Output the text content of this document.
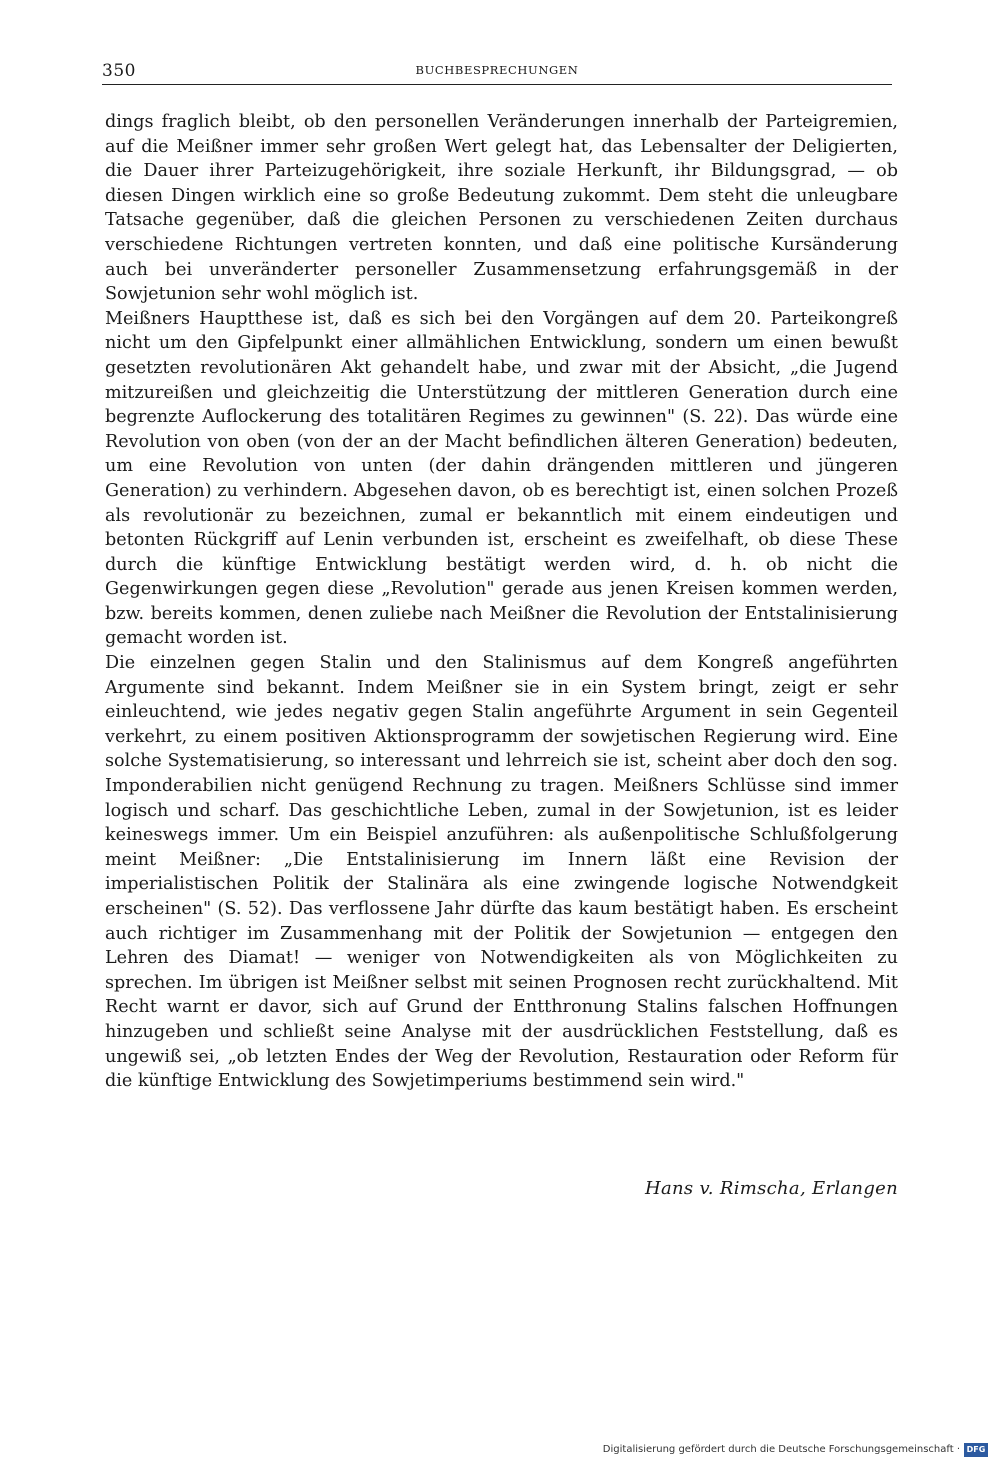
350	BUCHBESPRECHUNGEN

dings fraglich bleibt, ob den personellen Veränderungen innerhalb der Parteigremien, auf die Meißner immer sehr großen Wert gelegt hat, das Lebensalter der Deligierten, die Dauer ihrer Parteizugehörigkeit, ihre soziale Herkunft, ihr Bildungsgrad, — ob diesen Dingen wirklich eine so große Bedeutung zukommt. Dem steht die unleugbare Tatsache gegenüber, daß die gleichen Personen zu verschiedenen Zeiten durchaus verschiedene Richtungen vertreten konnten, und daß eine politische Kursänderung auch bei unveränderter personeller Zusammensetzung erfahrungsgemäß in der Sowjetunion sehr wohl möglich ist.

Meißners Hauptthese ist, daß es sich bei den Vorgängen auf dem 20. Parteikongreß nicht um den Gipfelpunkt einer allmählichen Entwicklung, sondern um einen bewußt gesetzten revolutionären Akt gehandelt habe, und zwar mit der Absicht, „die Jugend mitzureißen und gleichzeitig die Unterstützung der mittleren Generation durch eine begrenzte Auflockerung des totalitären Regimes zu gewinnen" (S. 22). Das würde eine Revolution von oben (von der an der Macht befindlichen älteren Generation) bedeuten, um eine Revolution von unten (der dahin drängenden mittleren und jüngeren Generation) zu verhindern. Abgesehen davon, ob es berechtigt ist, einen solchen Prozeß als revolutionär zu bezeichnen, zumal er bekanntlich mit einem eindeutigen und betonten Rückgriff auf Lenin verbunden ist, erscheint es zweifelhaft, ob diese These durch die künftige Entwicklung bestätigt werden wird, d. h. ob nicht die Gegenwirkungen gegen diese „Revolution" gerade aus jenen Kreisen kommen werden, bzw. bereits kommen, denen zuliebe nach Meißner die Revolution der Entstalinisierung gemacht worden ist.

Die einzelnen gegen Stalin und den Stalinismus auf dem Kongreß angeführten Argumente sind bekannt. Indem Meißner sie in ein System bringt, zeigt er sehr einleuchtend, wie jedes negativ gegen Stalin angeführte Argument in sein Gegenteil verkehrt, zu einem positiven Aktionsprogramm der sowjetischen Regierung wird. Eine solche Systematisierung, so interessant und lehrreich sie ist, scheint aber doch den sog. Imponderabilien nicht genügend Rechnung zu tragen. Meißners Schlüsse sind immer logisch und scharf. Das geschichtliche Leben, zumal in der Sowjetunion, ist es leider keineswegs immer. Um ein Beispiel anzuführen: als außenpolitische Schlußfolgerung meint Meißner: „Die Entstalinisierung im Innern läßt eine Revision der imperialistischen Politik der Stalinära als eine zwingende logische Notwendgkeit erscheinen" (S. 52). Das verflossene Jahr dürfte das kaum bestätigt haben. Es erscheint auch richtiger im Zusammenhang mit der Politik der Sowjetunion — entgegen den Lehren des Diamat! — weniger von Notwendigkeiten als von Möglichkeiten zu sprechen. Im übrigen ist Meißner selbst mit seinen Prognosen recht zurückhaltend. Mit Recht warnt er davor, sich auf Grund der Entthronung Stalins falschen Hoffnungen hinzugeben und schließt seine Analyse mit der ausdrücklichen Feststellung, daß es ungewiß sei, „ob letzten Endes der Weg der Revolution, Restauration oder Reform für die künftige Entwicklung des Sowjetimperiums bestimmend sein wird."

Hans v. Rimscha, Erlangen
Digitalisierung gefördert durch die Deutsche Forschungsgemeinschaft · DFG
